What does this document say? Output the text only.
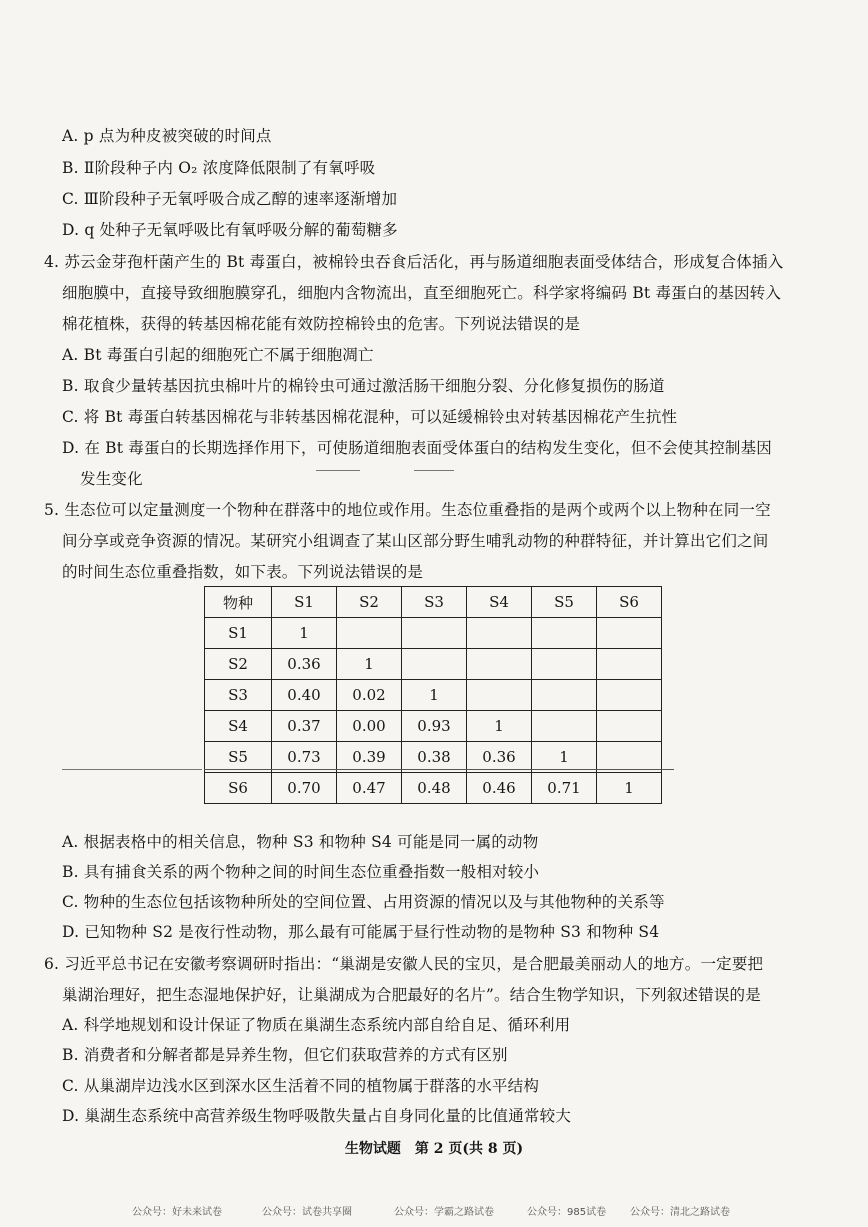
A. p 点为种皮被突破的时间点
B. Ⅱ阶段种子内 O₂ 浓度降低限制了有氧呼吸
C. Ⅲ阶段种子无氧呼吸合成乙醇的速率逐渐增加
D. q 处种子无氧呼吸比有氧呼吸分解的葡萄糖多
4. 苏云金芽孢杆菌产生的 Bt 毒蛋白，被棉铃虫吞食后活化，再与肠道细胞表面受体结合，形成复合体插入
细胞膜中，直接导致细胞膜穿孔，细胞内含物流出，直至细胞死亡。科学家将编码 Bt 毒蛋白的基因转入
棉花植株，获得的转基因棉花能有效防控棉铃虫的危害。下列说法错误的是
A. Bt 毒蛋白引起的细胞死亡不属于细胞凋亡
B. 取食少量转基因抗虫棉叶片的棉铃虫可通过激活肠干细胞分裂、分化修复损伤的肠道
C. 将 Bt 毒蛋白转基因棉花与非转基因棉花混种，可以延缓棉铃虫对转基因棉花产生抗性
D. 在 Bt 毒蛋白的长期选择作用下，可使肠道细胞表面受体蛋白的结构发生变化，但不会使其控制基因
发生变化
5. 生态位可以定量测度一个物种在群落中的地位或作用。生态位重叠指的是两个或两个以上物种在同一空
间分享或竞争资源的情况。某研究小组调查了某山区部分野生哺乳动物的种群特征，并计算出它们之间
的时间生态位重叠指数，如下表。下列说法错误的是
物种	S1	S2	S3	S4	S5	S6
S1	1					
S2	0.36	1				
S3	0.40	0.02	1			
S4	0.37	0.00	0.93	1		
S5	0.73	0.39	0.38	0.36	1	
S6	0.70	0.47	0.48	0.46	0.71	1
A. 根据表格中的相关信息，物种 S3 和物种 S4 可能是同一属的动物
B. 具有捕食关系的两个物种之间的时间生态位重叠指数一般相对较小
C. 物种的生态位包括该物种所处的空间位置、占用资源的情况以及与其他物种的关系等
D. 已知物种 S2 是夜行性动物，那么最有可能属于昼行性动物的是物种 S3 和物种 S4
6. 习近平总书记在安徽考察调研时指出：“巢湖是安徽人民的宝贝，是合肥最美丽动人的地方。一定要把
巢湖治理好，把生态湿地保护好，让巢湖成为合肥最好的名片”。结合生物学知识，下列叙述错误的是
A. 科学地规划和设计保证了物质在巢湖生态系统内部自给自足、循环利用
B. 消费者和分解者都是异养生物，但它们获取营养的方式有区别
C. 从巢湖岸边浅水区到深水区生活着不同的植物属于群落的水平结构
D. 巢湖生态系统中高营养级生物呼吸散失量占自身同化量的比值通常较大
生物试题　第 2 页(共 8 页)
公众号：好未来试卷	公众号：试卷共享圈	公众号：学霸之路试卷	公众号：985试卷 公众号：清北之路试卷
